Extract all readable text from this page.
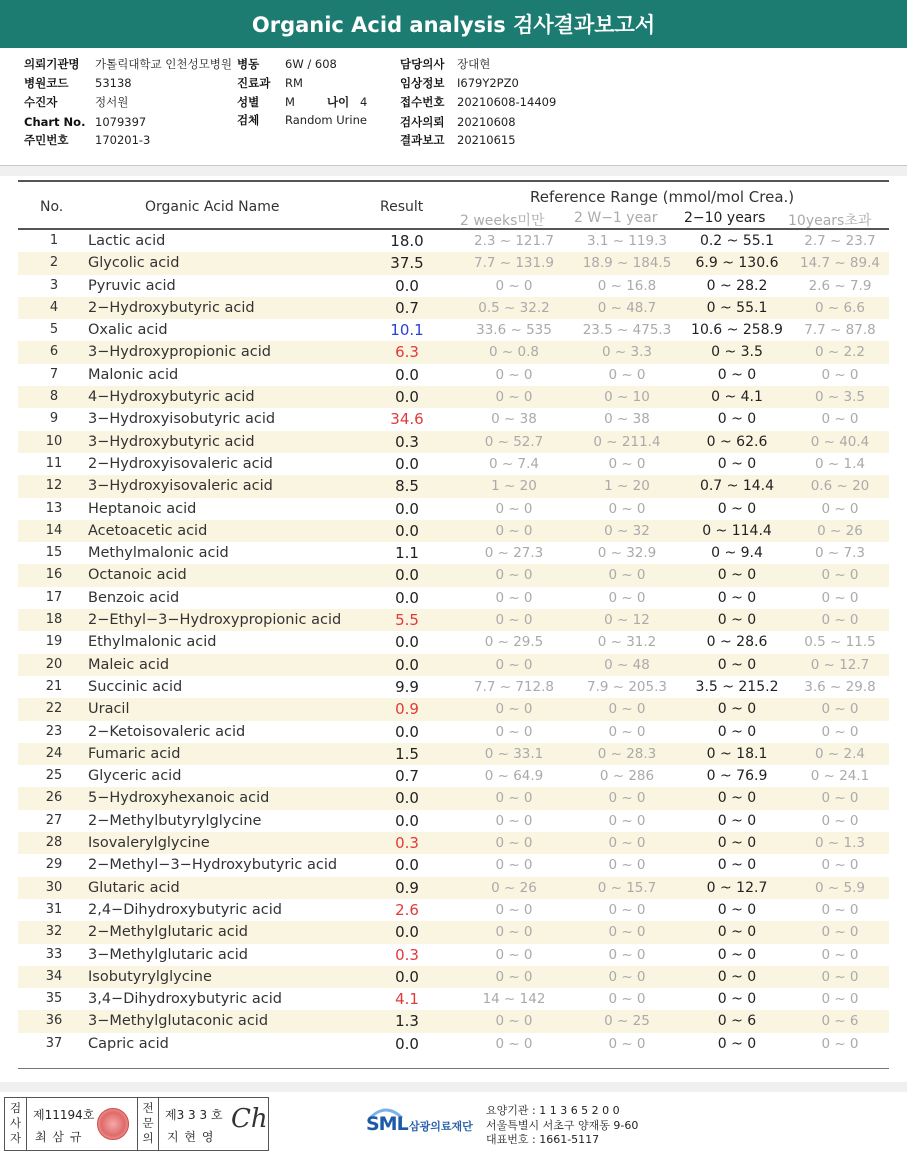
Organic Acid analysis 검사결과보고서
의뢰기관명 가톨릭대학교 인천성모병원 병동 6W / 608	담당의사 장대현
병원코드 53138	진료과 RM	임상정보 I679Y2PZ0
수진자	정서원	성별 M	나이 4	접수번호 20210608-14409
Chart No. 1079397	검체 Random Urine	검사의뢰 20210608
주민번호 170201-3	결과보고 20210615
No.	Organic Acid Name	Result
Reference Range (mmol/mol Crea.)
2 weeks미만 2 W−1 year 2−10 years 10years초과
1	Lactic acid	18.0	2.3 ~ 121.7	3.1 ~ 119.3	0.2 ~ 55.1	2.7 ~ 23.7
2	Glycolic acid	37.5	7.7 ~ 131.9	18.9 ~ 184.5	6.9 ~ 130.6	14.7 ~ 89.4
3	Pyruvic acid	0.0	0 ~ 0	0 ~ 16.8	0 ~ 28.2	2.6 ~ 7.9
4	2−Hydroxybutyric acid	0.7	0.5 ~ 32.2	0 ~ 48.7	0 ~ 55.1	0 ~ 6.6
5	Oxalic acid	10.1	33.6 ~ 535	23.5 ~ 475.3	10.6 ~ 258.9	7.7 ~ 87.8
6	3−Hydroxypropionic acid	6.3	0 ~ 0.8	0 ~ 3.3	0 ~ 3.5	0 ~ 2.2
7	Malonic acid	0.0	0 ~ 0	0 ~ 0	0 ~ 0	0 ~ 0
8	4−Hydroxybutyric acid	0.0	0 ~ 0	0 ~ 10	0 ~ 4.1	0 ~ 3.5
9	3−Hydroxyisobutyric acid	34.6	0 ~ 38	0 ~ 38	0 ~ 0	0 ~ 0
10	3−Hydroxybutyric acid	0.3	0 ~ 52.7	0 ~ 211.4	0 ~ 62.6	0 ~ 40.4
11	2−Hydroxyisovaleric acid	0.0	0 ~ 7.4	0 ~ 0	0 ~ 0	0 ~ 1.4
12	3−Hydroxyisovaleric acid	8.5	1 ~ 20	1 ~ 20	0.7 ~ 14.4	0.6 ~ 20
13	Heptanoic acid	0.0	0 ~ 0	0 ~ 0	0 ~ 0	0 ~ 0
14	Acetoacetic acid	0.0	0 ~ 0	0 ~ 32	0 ~ 114.4	0 ~ 26
15	Methylmalonic acid	1.1	0 ~ 27.3	0 ~ 32.9	0 ~ 9.4	0 ~ 7.3
16	Octanoic acid	0.0	0 ~ 0	0 ~ 0	0 ~ 0	0 ~ 0
17	Benzoic acid	0.0	0 ~ 0	0 ~ 0	0 ~ 0	0 ~ 0
18	2−Ethyl−3−Hydroxypropionic acid	5.5	0 ~ 0	0 ~ 12	0 ~ 0	0 ~ 0
19	Ethylmalonic acid	0.0	0 ~ 29.5	0 ~ 31.2	0 ~ 28.6	0.5 ~ 11.5
20	Maleic acid	0.0	0 ~ 0	0 ~ 48	0 ~ 0	0 ~ 12.7
21	Succinic acid	9.9	7.7 ~ 712.8	7.9 ~ 205.3	3.5 ~ 215.2	3.6 ~ 29.8
22	Uracil	0.9	0 ~ 0	0 ~ 0	0 ~ 0	0 ~ 0
23	2−Ketoisovaleric acid	0.0	0 ~ 0	0 ~ 0	0 ~ 0	0 ~ 0
24	Fumaric acid	1.5	0 ~ 33.1	0 ~ 28.3	0 ~ 18.1	0 ~ 2.4
25	Glyceric acid	0.7	0 ~ 64.9	0 ~ 286	0 ~ 76.9	0 ~ 24.1
26	5−Hydroxyhexanoic acid	0.0	0 ~ 0	0 ~ 0	0 ~ 0	0 ~ 0
27	2−Methylbutyrylglycine	0.0	0 ~ 0	0 ~ 0	0 ~ 0	0 ~ 0
28	Isovalerylglycine	0.3	0 ~ 0	0 ~ 0	0 ~ 0	0 ~ 1.3
29	2−Methyl−3−Hydroxybutyric acid	0.0	0 ~ 0	0 ~ 0	0 ~ 0	0 ~ 0
30	Glutaric acid	0.9	0 ~ 26	0 ~ 15.7	0 ~ 12.7	0 ~ 5.9
31	2,4−Dihydroxybutyric acid	2.6	0 ~ 0	0 ~ 0	0 ~ 0	0 ~ 0
32	2−Methylglutaric acid	0.0	0 ~ 0	0 ~ 0	0 ~ 0	0 ~ 0
33	3−Methylglutaric acid	0.3	0 ~ 0	0 ~ 0	0 ~ 0	0 ~ 0
34	Isobutyrylglycine	0.0	0 ~ 0	0 ~ 0	0 ~ 0	0 ~ 0
35	3,4−Dihydroxybutyric acid	4.1	14 ~ 142	0 ~ 0	0 ~ 0	0 ~ 0
36	3−Methylglutaconic acid	1.3	0 ~ 0	0 ~ 25	0 ~ 6	0 ~ 6
37	Capric acid	0.0	0 ~ 0	0 ~ 0	0 ~ 0	0 ~ 0
검
사
자
제11194호
최 삼 규
전
문
의
제3 3 3 호
지 현 영
Ch	SML 삼광의료재단
요양기관 : 1 1 3 6 5 2 0 0
서울특별시 서초구 양재동 9-60
대표번호 : 1661-5117
